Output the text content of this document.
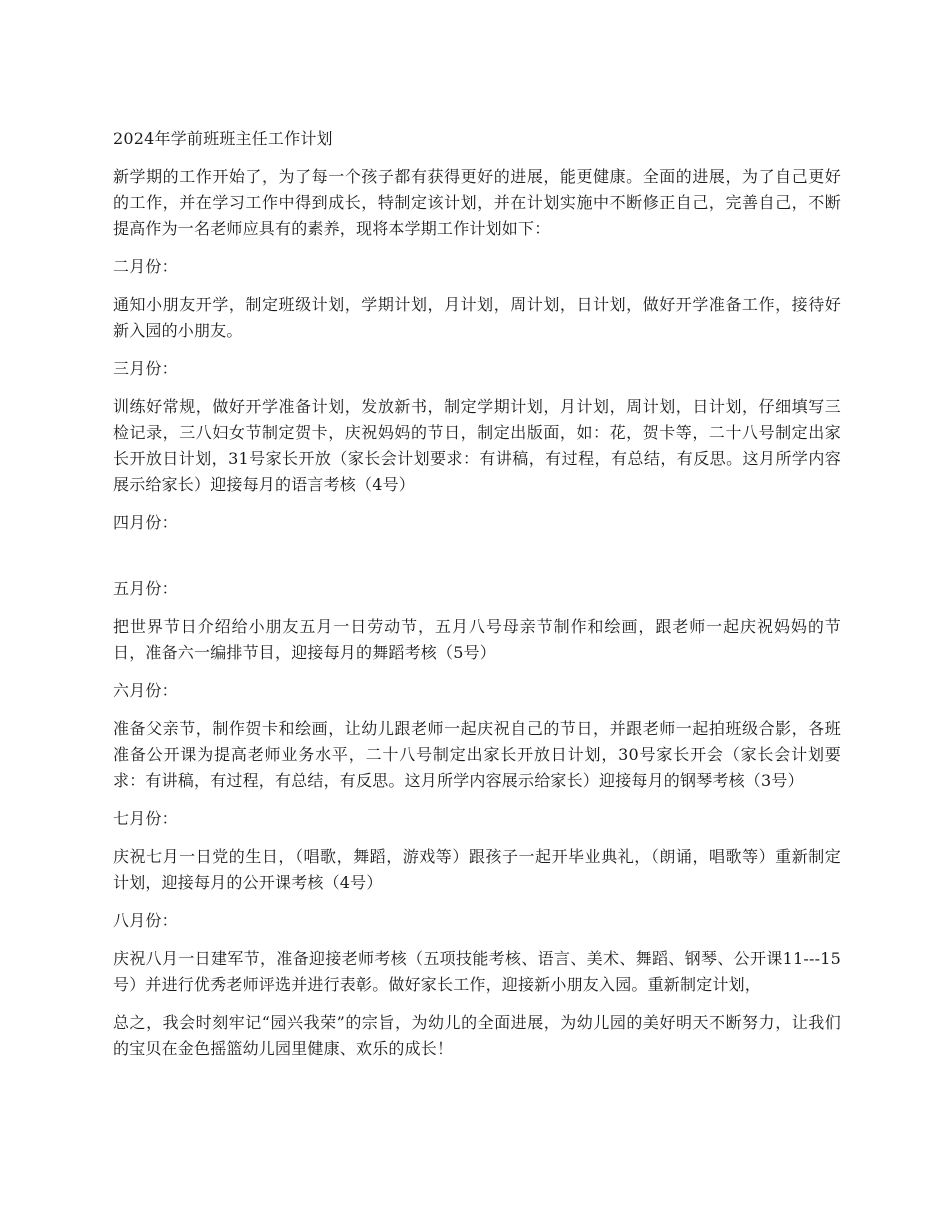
2024年学前班班主任工作计划

新学期的工作开始了，为了每一个孩子都有获得更好的进展，能更健康。全面的进展，为了自己更好的工作，并在学习工作中得到成长，特制定该计划，并在计划实施中不断修正自己，完善自己，不断提高作为一名老师应具有的素养，现将本学期工作计划如下：

二月份：

通知小朋友开学，制定班级计划，学期计划，月计划，周计划，日计划，做好开学准备工作，接待好新入园的小朋友。

三月份：

训练好常规，做好开学准备计划，发放新书，制定学期计划，月计划，周计划，日计划，仔细填写三检记录，三八妇女节制定贺卡，庆祝妈妈的节日，制定出版面，如：花，贺卡等，二十八号制定出家长开放日计划，31号家长开放（家长会计划要求：有讲稿，有过程，有总结，有反思。这月所学内容展示给家长）迎接每月的语言考核（4号）

四月份：

五月份：

把世界节日介绍给小朋友五月一日劳动节，五月八号母亲节制作和绘画，跟老师一起庆祝妈妈的节日，准备六一编排节目，迎接每月的舞蹈考核（5号）

六月份：

准备父亲节，制作贺卡和绘画，让幼儿跟老师一起庆祝自己的节日，并跟老师一起拍班级合影，各班准备公开课为提高老师业务水平，二十八号制定出家长开放日计划，30号家长开会（家长会计划要求：有讲稿，有过程，有总结，有反思。这月所学内容展示给家长）迎接每月的钢琴考核（3号）

七月份：

庆祝七月一日党的生日，（唱歌，舞蹈，游戏等）跟孩子一起开毕业典礼，（朗诵，唱歌等）重新制定计划，迎接每月的公开课考核（4号）

八月份：

庆祝八月一日建军节，准备迎接老师考核（五项技能考核、语言、美术、舞蹈、钢琴、公开课11---15号）并进行优秀老师评选并进行表彰。做好家长工作，迎接新小朋友入园。重新制定计划，

总之，我会时刻牢记“园兴我荣”的宗旨，为幼儿的全面进展，为幼儿园的美好明天不断努力，让我们的宝贝在金色摇篮幼儿园里健康、欢乐的成长！
